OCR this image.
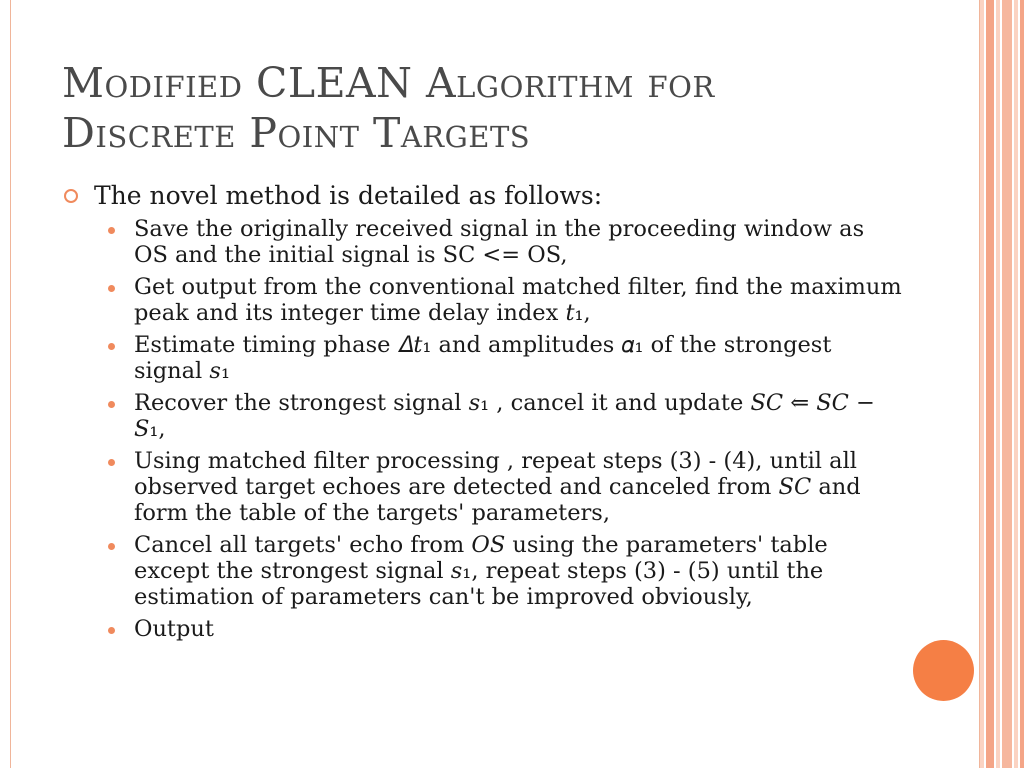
Modified CLEAN Algorithm for
Discrete Point Targets
The novel method is detailed as follows:
Save the originally received signal in the proceeding window as OS and the initial signal is SC <= OS,
Get output from the conventional matched filter, find the maximum peak and its integer time delay index 𝑡₁,
Estimate timing phase 𝛥𝑡₁ and amplitudes 𝛼₁ of the strongest signal 𝑠₁
Recover the strongest signal 𝑠₁ , cancel it and update 𝑆𝐶 ⇐ 𝑆𝐶 − 𝑆₁,
Using matched filter processing , repeat steps (3) - (4), until all observed target echoes are detected and canceled from 𝑆𝐶 and form the table of the targets' parameters,
Cancel all targets' echo from 𝑂𝑆 using the parameters' table except the strongest signal 𝑠₁, repeat steps (3) - (5) until the estimation of parameters can't be improved obviously,
Output
